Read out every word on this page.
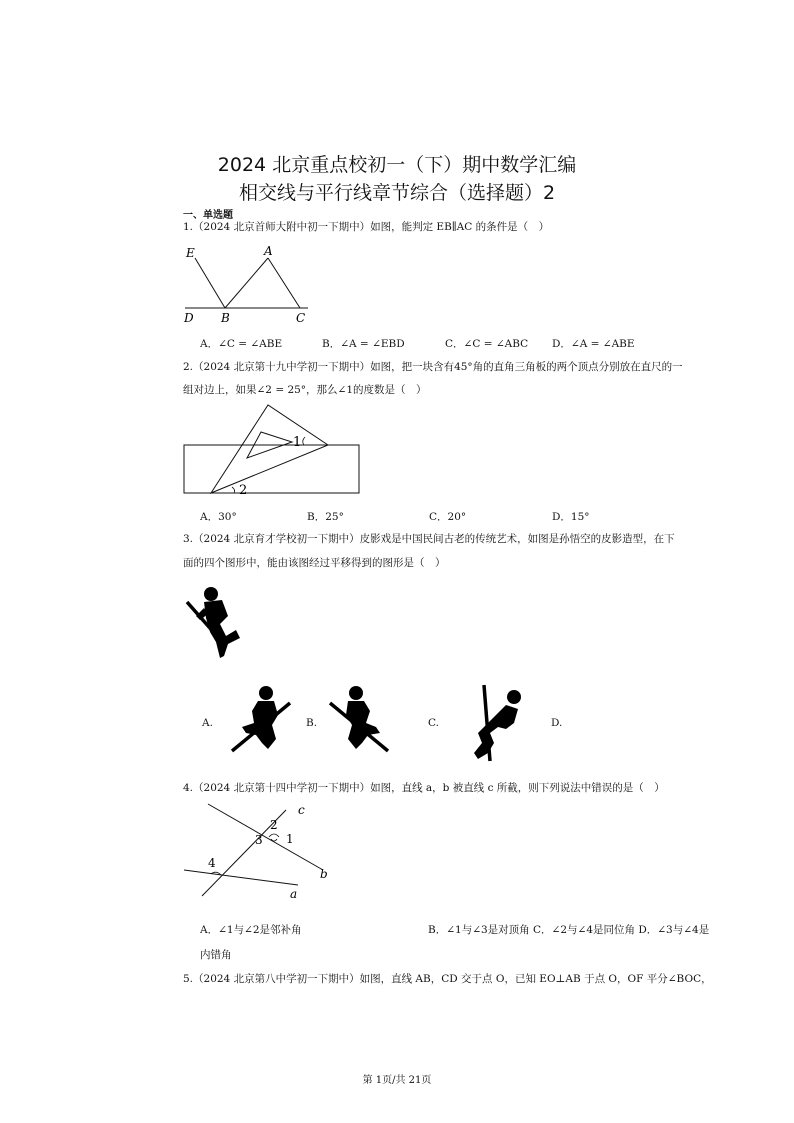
2024 北京重点校初一（下）期中数学汇编
相交线与平行线章节综合（选择题）2
一、单选题
1.（2024 北京首师大附中初一下期中）如图，能判定 EB∥AC 的条件是（　）
E	A
D B	C
A．∠C = ∠ABE	B．∠A = ∠EBD	C．∠C = ∠ABC D．∠A = ∠ABE
2.（2024 北京第十九中学初一下期中）如图，把一块含有45°角的直角三角板的两个顶点分别放在直尺的一
组对边上，如果∠2 = 25°，那么∠1的度数是（　）
1
2
A．30°	B．25°	C．20°	D．15°
3.（2024 北京育才学校初一下期中）皮影戏是中国民间古老的传统艺术，如图是孙悟空的皮影造型，在下
面的四个图形中，能由该图经过平移得到的图形是（　）
A.	B.	C.	D.
4.（2024 北京第十四中学初一下期中）如图，直线 a，b 被直线 c 所截，则下列说法中错误的是（　）
c
2
3 1
4
b
a
A．∠1与∠2是邻补角	B．∠1与∠3是对顶角 C．∠2与∠4是同位角 D．∠3与∠4是
内错角
5.（2024 北京第八中学初一下期中）如图，直线 AB，CD 交于点 O，已知 EO⊥AB 于点 O，OF 平分∠BOC，
第 1页/共 21页
